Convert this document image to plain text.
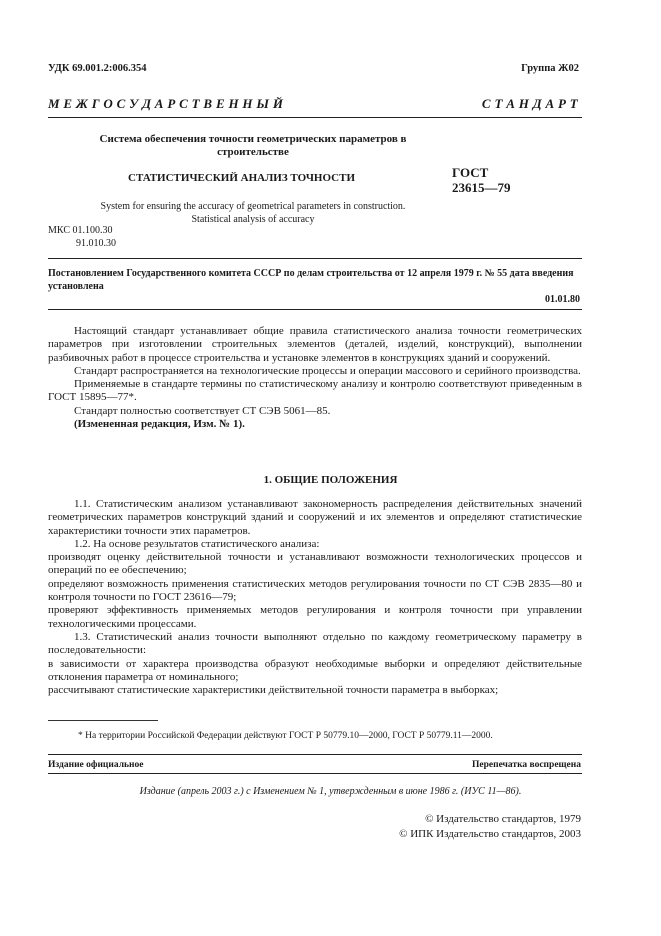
УДК 69.001.2:006.354	Группа Ж02
М Е Ж Г О С У Д А Р С Т В Е Н Н Ы Й	С Т А Н Д А Р Т
Система обеспечения точности геометрических параметров в строительстве
СТАТИСТИЧЕСКИЙ АНАЛИЗ ТОЧНОСТИ	ГОСТ
23615—79
System for ensuring the accuracy of geometrical parameters in construction.
Statistical analysis of accuracy
МКС 01.100.30
91.010.30
Постановлением Государственного комитета СССР по делам строительства от 12 апреля 1979 г. № 55 дата введения установлена
01.01.80

Настоящий стандарт устанавливает общие правила статистического анализа точности геометрических параметров при изготовлении строительных элементов (деталей, изделий, конструкций), выполнении разбивочных работ в процессе строительства и установке элементов в конструкциях зданий и сооружений.

Стандарт распространяется на технологические процессы и операции массового и серийного производства.

Применяемые в стандарте термины по статистическому анализу и контролю соответствуют приведенным в ГОСТ 15895—77*.

Стандарт полностью соответствует СТ СЭВ 5061—85.

(Измененная редакция, Изм. № 1).

1. ОБЩИЕ ПОЛОЖЕНИЯ

1.1. Статистическим анализом устанавливают закономерность распределения действительных значений геометрических параметров конструкций зданий и сооружений и их элементов и определяют статистические характеристики точности этих параметров.

1.2. На основе результатов статистического анализа:

производят оценку действительной точности и устанавливают возможности технологических процессов и операций по ее обеспечению;

определяют возможность применения статистических методов регулирования точности по СТ СЭВ 2835—80 и контроля точности по ГОСТ 23616—79;

проверяют эффективность применяемых методов регулирования и контроля точности при управлении технологическими процессами.

1.3. Статистический анализ точности выполняют отдельно по каждому геометрическому параметру в последовательности:

в зависимости от характера производства образуют необходимые выборки и определяют действительные отклонения параметра от номинального;

рассчитывают статистические характеристики действительной точности параметра в выборках;

* На территории Российской Федерации действуют ГОСТ Р 50779.10—2000, ГОСТ Р 50779.11—2000.
Издание официальное	Перепечатка воспрещена
Издание (апрель 2003 г.) с Изменением № 1, утвержденным в июне 1986 г. (ИУС 11—86).
© Издательство стандартов, 1979
© ИПК Издательство стандартов, 2003
